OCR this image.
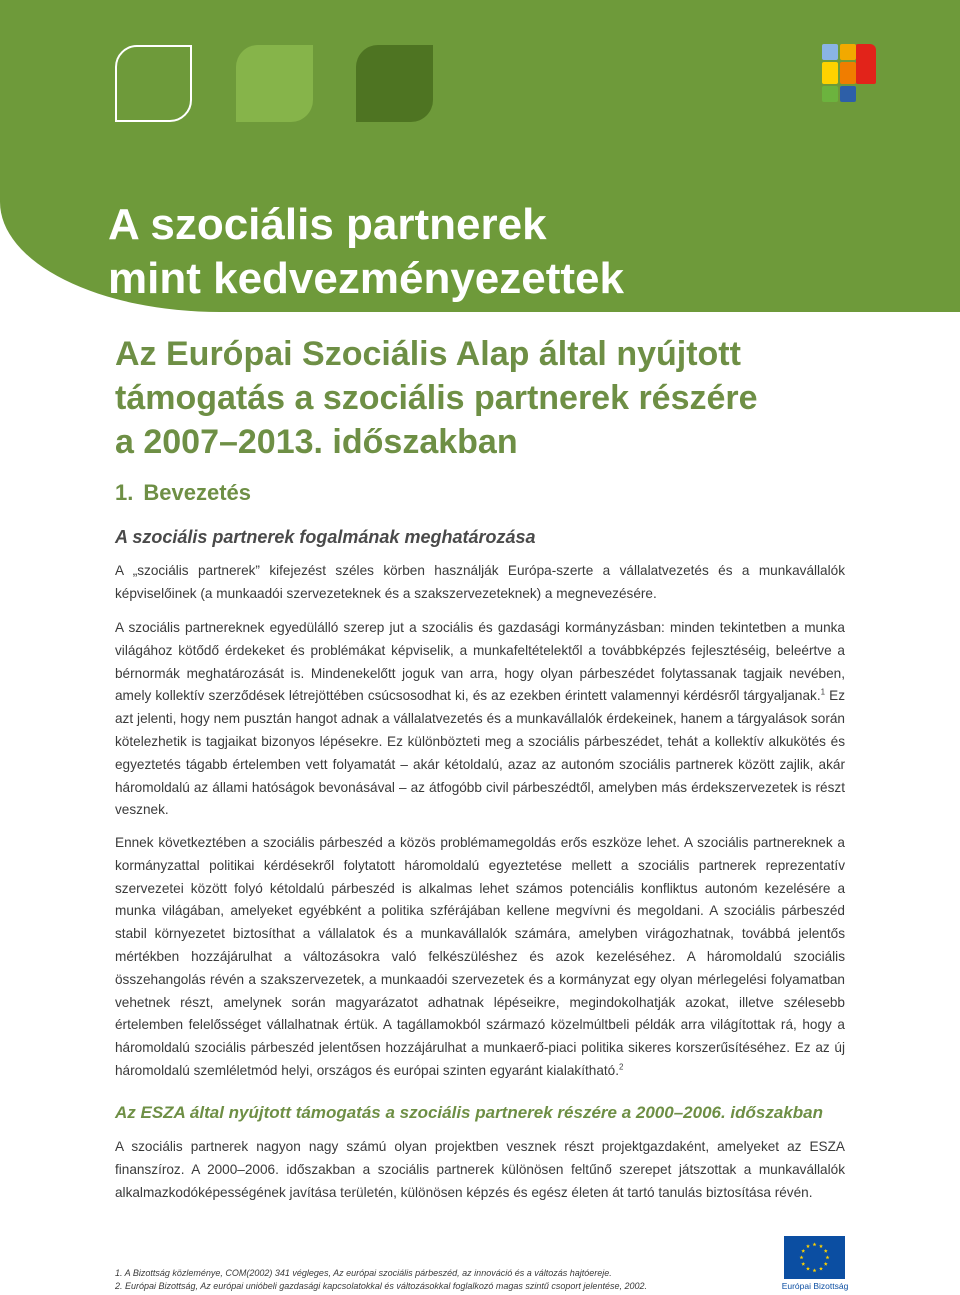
A szociális partnerek
mint kedvezményezettek
Az Európai Szociális Alap által nyújtott
támogatás a szociális partnerek részére
a 2007–2013. időszakban
1. Bevezetés
A szociális partnerek fogalmának meghatározása

A „szociális partnerek” kifejezést széles körben használják Európa-szerte a vállalatvezetés és a munkavállalók képviselőinek (a munkaadói szervezeteknek és a szakszervezeteknek) a megnevezésére.

A szociális partnereknek egyedülálló szerep jut a szociális és gazdasági kormányzásban: minden tekintetben a munka világához kötődő érdekeket és problémákat képviselik, a munkafeltételektől a továbbképzés fejlesztéséig, beleértve a bérnormák meghatározását is. Mindenekelőtt joguk van arra, hogy olyan párbeszédet folytassanak tagjaik nevében, amely kollektív szerződések létrejöttében csúcsosodhat ki, és az ezekben érintett valamennyi kérdésről tárgyaljanak.$^1$ Ez azt jelenti, hogy nem pusztán hangot adnak a vállalatvezetés és a munkavállalók érdekeinek, hanem a tárgyalások során kötelezhetik is tagjaikat bizonyos lépésekre. Ez különbözteti meg a szociális párbeszédet, tehát a kollektív alkukötés és egyeztetés tágabb értelemben vett folyamatát – akár kétoldalú, azaz az autonóm szociális partnerek között zajlik, akár háromoldalú az állami hatóságok bevonásával – az átfogóbb civil párbeszédtől, amelyben más érdekszervezetek is részt vesznek.

Ennek következtében a szociális párbeszéd a közös problémamegoldás erős eszköze lehet. A szociális partnereknek a kormányzattal politikai kérdésekről folytatott háromoldalú egyeztetése mellett a szociális partnerek reprezentatív szervezetei között folyó kétoldalú párbeszéd is alkalmas lehet számos potenciális konfliktus autonóm kezelésére a munka világában, amelyeket egyébként a politika szférájában kellene megvívni és megoldani. A szociális párbeszéd stabil környezetet biztosíthat a vállalatok és a munkavállalók számára, amelyben virágozhatnak, továbbá jelentős mértékben hozzájárulhat a változásokra való felkészüléshez és azok kezeléséhez. A háromoldalú szociális összehangolás révén a szakszervezetek, a munkaadói szervezetek és a kormányzat egy olyan mérlegelési folyamatban vehetnek részt, amelynek során magyarázatot adhatnak lépéseikre, megindokolhatják azokat, illetve szélesebb értelemben felelősséget vállalhatnak értük. A tagállamokból származó közelmúltbeli példák arra világítottak rá, hogy a háromoldalú szociális párbeszéd jelentősen hozzájárulhat a munkaerő-piaci politika sikeres korszerűsítéséhez. Ez az új háromoldalú szemléletmód helyi, országos és európai szinten egyaránt kialakítható.$^2$

Az ESZA által nyújtott támogatás a szociális partnerek részére a 2000–2006. időszakban

A szociális partnerek nagyon nagy számú olyan projektben vesznek részt projektgazdaként, amelyeket az ESZA finanszíroz. A 2000–2006. időszakban a szociális partnerek különösen feltűnő szerepet játszottak a munkavállalók alkalmazkodóképességének javítása területén, különösen képzés és egész életen át tartó tanulás biztosítása révén.

1. A Bizottság közleménye, COM(2002) 341 végleges, Az európai szociális párbeszéd, az innováció és a változás hajtóereje.
2. Európai Bizottság, Az európai unióbeli gazdasági kapcsolatokkal és változásokkal foglalkozó magas szintű csoport jelentése, 2002.	Európai Bizottság
